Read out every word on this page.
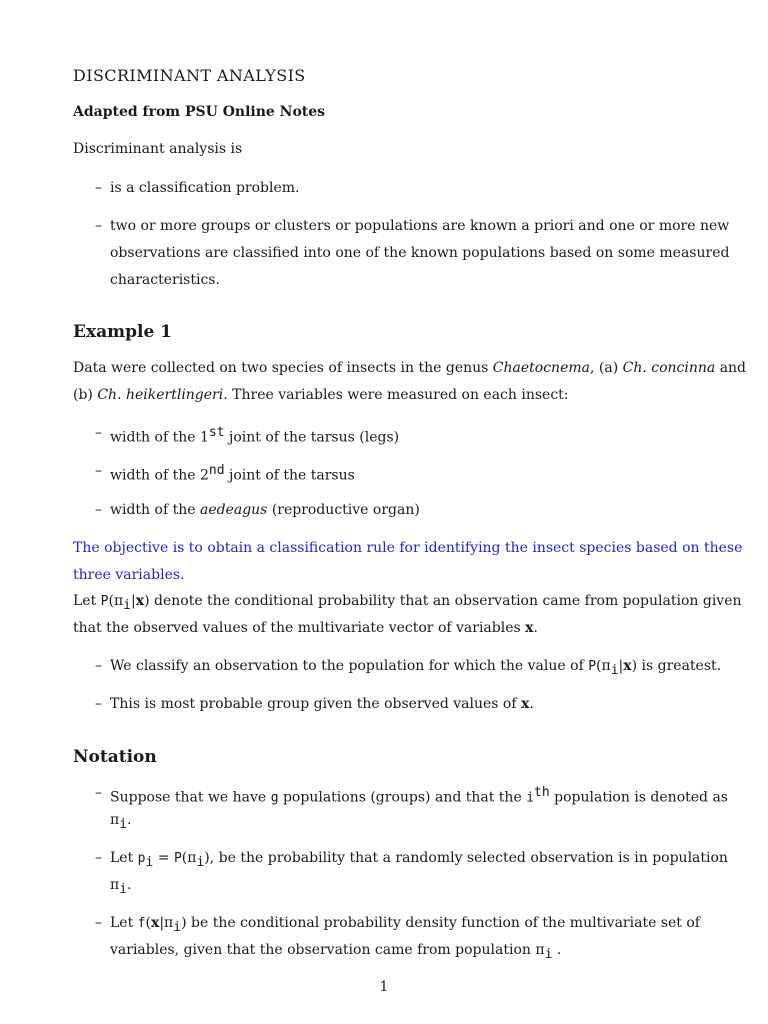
DISCRIMINANT ANALYSIS
Adapted from PSU Online Notes
Discriminant analysis is
– is a classification problem.
– two or more groups or clusters or populations are known a priori and one or more new
observations are classified into one of the known populations based on some measured
characteristics.
Example 1
Data were collected on two species of insects in the genus Chaetocnema, (a) Ch. concinna and
(b) Ch. heikertlingeri. Three variables were measured on each insect:
– width of the 1st joint of the tarsus (legs)
– width of the 2nd joint of the tarsus
– width of the aedeagus (reproductive organ)
The objective is to obtain a classification rule for identifying the insect species based on these
three variables.
Let $P(\pi_i|x)$ denote the conditional probability that an observation came from population given
that the observed values of the multivariate vector of variables x.
– We classify an observation to the population for which the value of $P(\pi_i|x)$ is greatest.
– This is most probable group given the observed values of x.
Notation
– Suppose that we have g populations (groups) and that the $i^{th}$ population is denoted as
$\pi_i$.
– Let $p_i = P(\pi_i)$, be the probability that a randomly selected observation is in population
$\pi_i$.
– Let $f(x|\pi_i)$ be the conditional probability density function of the multivariate set of
variables, given that the observation came from population $\pi_i$ .
1
